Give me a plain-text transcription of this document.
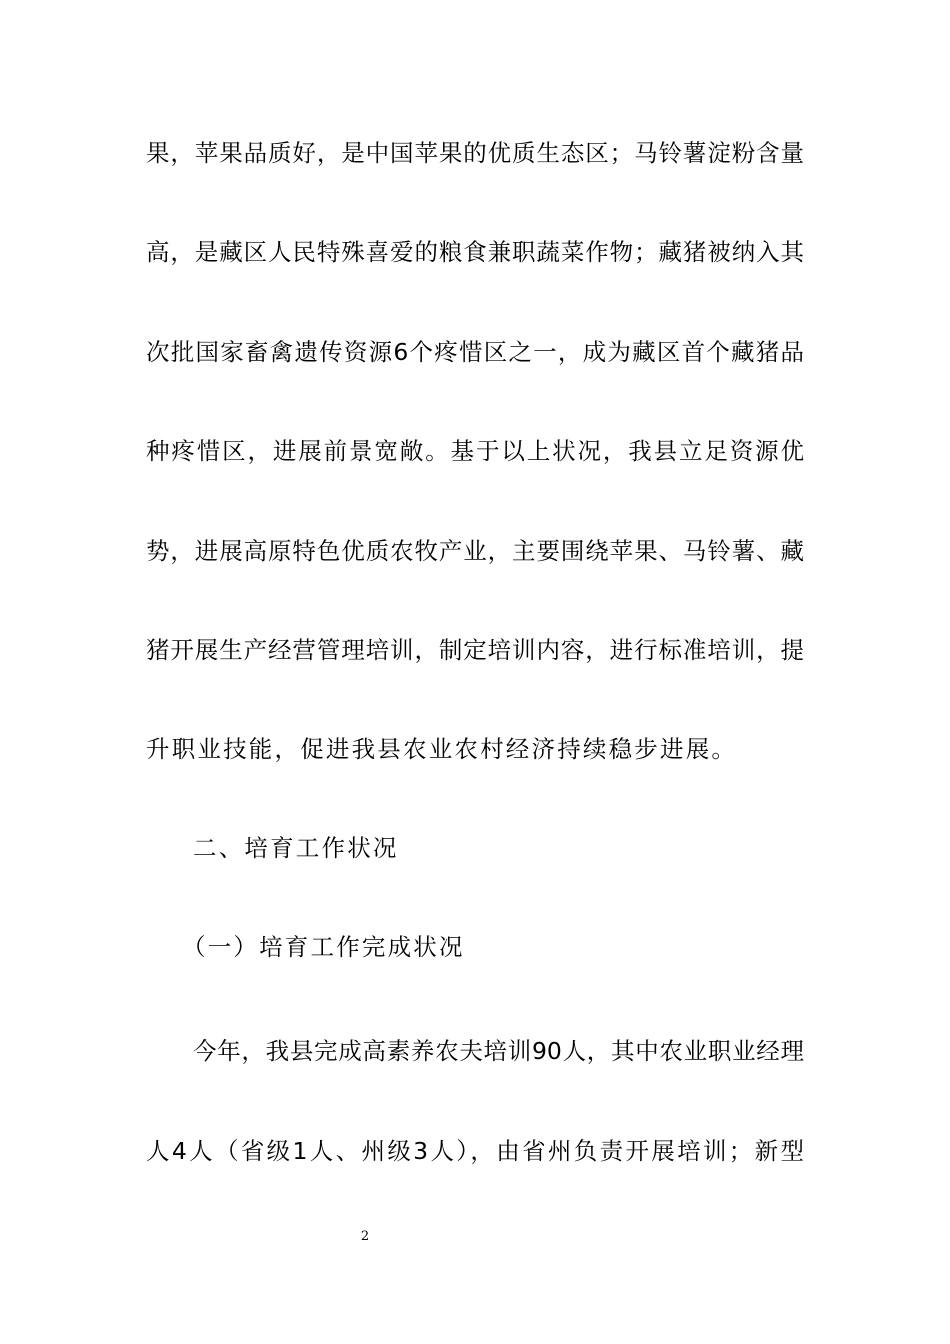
果，苹果品质好，是中国苹果的优质生态区；马铃薯淀粉含量
高，是藏区人民特殊喜爱的粮食兼职蔬菜作物；藏猪被纳入其
次批国家畜禽遗传资源6个疼惜区之一，成为藏区首个藏猪品
种疼惜区，进展前景宽敞。基于以上状况，我县立足资源优
势，进展高原特色优质农牧产业，主要围绕苹果、马铃薯、藏
猪开展生产经营管理培训，制定培训内容，进行标准培训，提
升职业技能，促进我县农业农村经济持续稳步进展。
二、培育工作状况
（一）培育工作完成状况
今年，我县完成高素养农夫培训90人，其中农业职业经理
人4人（省级1人、州级3人），由省州负责开展培训；新型
2
